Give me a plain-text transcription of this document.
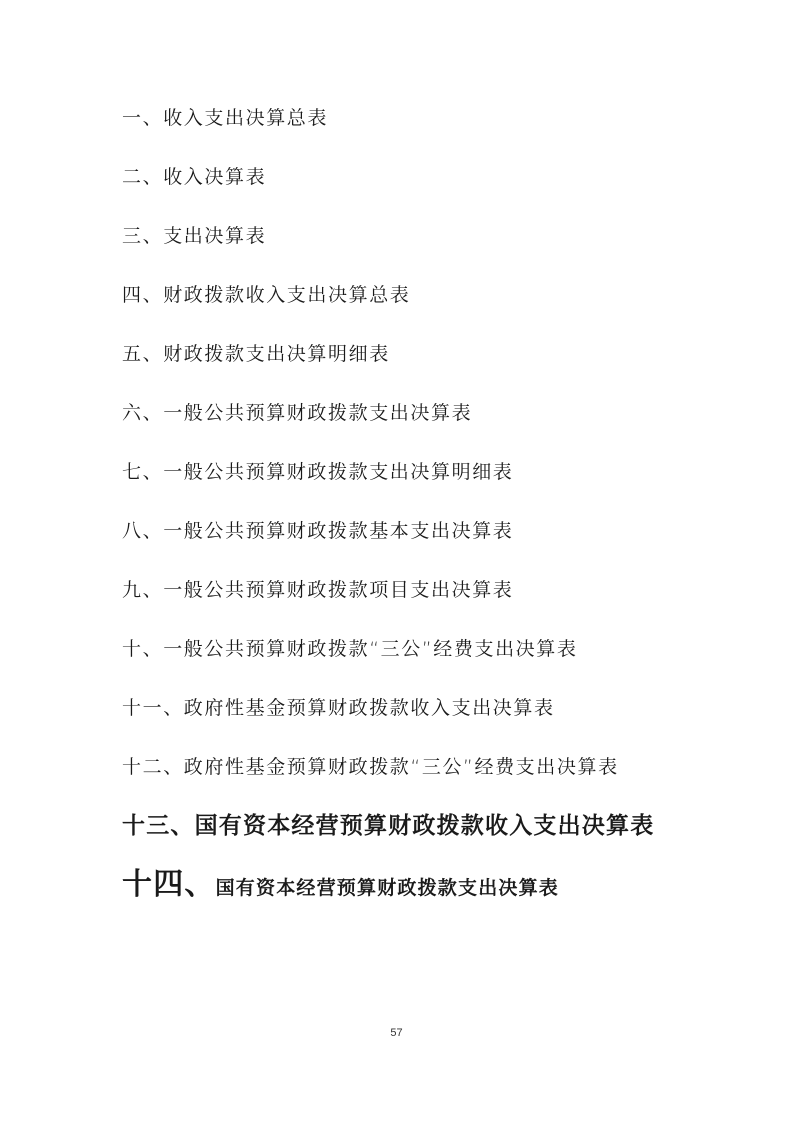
一、收入支出决算总表
二、收入决算表
三、支出决算表
四、财政拨款收入支出决算总表
五、财政拨款支出决算明细表
六、一般公共预算财政拨款支出决算表
七、一般公共预算财政拨款支出决算明细表
八、一般公共预算财政拨款基本支出决算表
九、一般公共预算财政拨款项目支出决算表
十、一般公共预算财政拨款“三公”经费支出决算表
十一、政府性基金预算财政拨款收入支出决算表
十二、政府性基金预算财政拨款“三公”经费支出决算表
十三、国有资本经营预算财政拨款收入支出决算表
十四、国有资本经营预算财政拨款支出决算表
57
